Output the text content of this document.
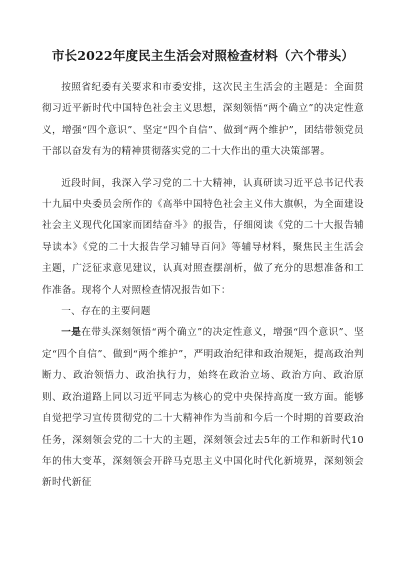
市长2022年度民主生活会对照检查材料（六个带头）

按照省纪委有关要求和市委安排，这次民主生活会的主题是：全面贯彻习近平新时代中国特色社会主义思想，深刻领悟“两个确立”的决定性意义，增强“四个意识”、坚定“四个自信”、做到“两个维护”，团结带领党员干部以奋发有为的精神贯彻落实党的二十大作出的重大决策部署。

近段时间，我深入学习党的二十大精神，认真研读习近平总书记代表十九届中央委员会所作的《高举中国特色社会主义伟大旗帜，为全面建设社会主义现代化国家而团结奋斗》的报告，仔细阅读《党的二十大报告辅导读本》《党的二十大报告学习辅导百问》等辅导材料，聚焦民主生活会主题，广泛征求意见建议，认真对照查摆剖析，做了充分的思想准备和工作准备。现将个人对照检查情况报告如下：

一、存在的主要问题

一是在带头深刻领悟“两个确立”的决定性意义，增强“四个意识”、坚定“四个自信”、做到“两个维护”，严明政治纪律和政治规矩，提高政治判断力、政治领悟力、政治执行力，始终在政治立场、政治方向、政治原则、政治道路上同以习近平同志为核心的党中央保持高度一致方面。能够自觉把学习宣传贯彻党的二十大精神作为当前和今后一个时期的首要政治任务，深刻领会党的二十大的主题，深刻领会过去5年的工作和新时代10年的伟大变革，深刻领会开辟马克思主义中国化时代化新境界，深刻领会新时代新征
